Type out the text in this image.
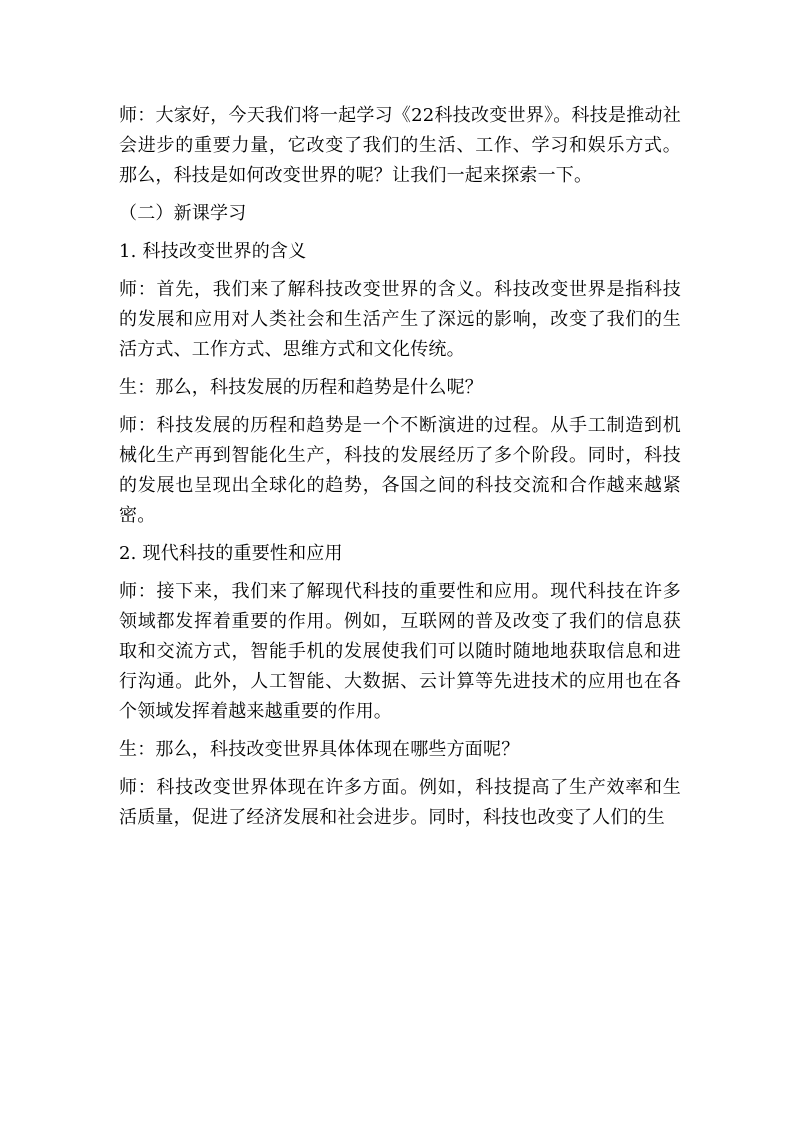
师：大家好，今天我们将一起学习《22科技改变世界》。科技是推动社会进步的重要力量，它改变了我们的生活、工作、学习和娱乐方式。那么，科技是如何改变世界的呢？让我们一起来探索一下。

（二）新课学习

1. 科技改变世界的含义

师：首先，我们来了解科技改变世界的含义。科技改变世界是指科技的发展和应用对人类社会和生活产生了深远的影响，改变了我们的生活方式、工作方式、思维方式和文化传统。

生：那么，科技发展的历程和趋势是什么呢？

师：科技发展的历程和趋势是一个不断演进的过程。从手工制造到机械化生产再到智能化生产，科技的发展经历了多个阶段。同时，科技的发展也呈现出全球化的趋势，各国之间的科技交流和合作越来越紧密。

2. 现代科技的重要性和应用

师：接下来，我们来了解现代科技的重要性和应用。现代科技在许多领域都发挥着重要的作用。例如，互联网的普及改变了我们的信息获取和交流方式，智能手机的发展使我们可以随时随地地获取信息和进行沟通。此外，人工智能、大数据、云计算等先进技术的应用也在各个领域发挥着越来越重要的作用。

生：那么，科技改变世界具体体现在哪些方面呢？

师：科技改变世界体现在许多方面。例如，科技提高了生产效率和生活质量，促进了经济发展和社会进步。同时，科技也改变了人们的生
